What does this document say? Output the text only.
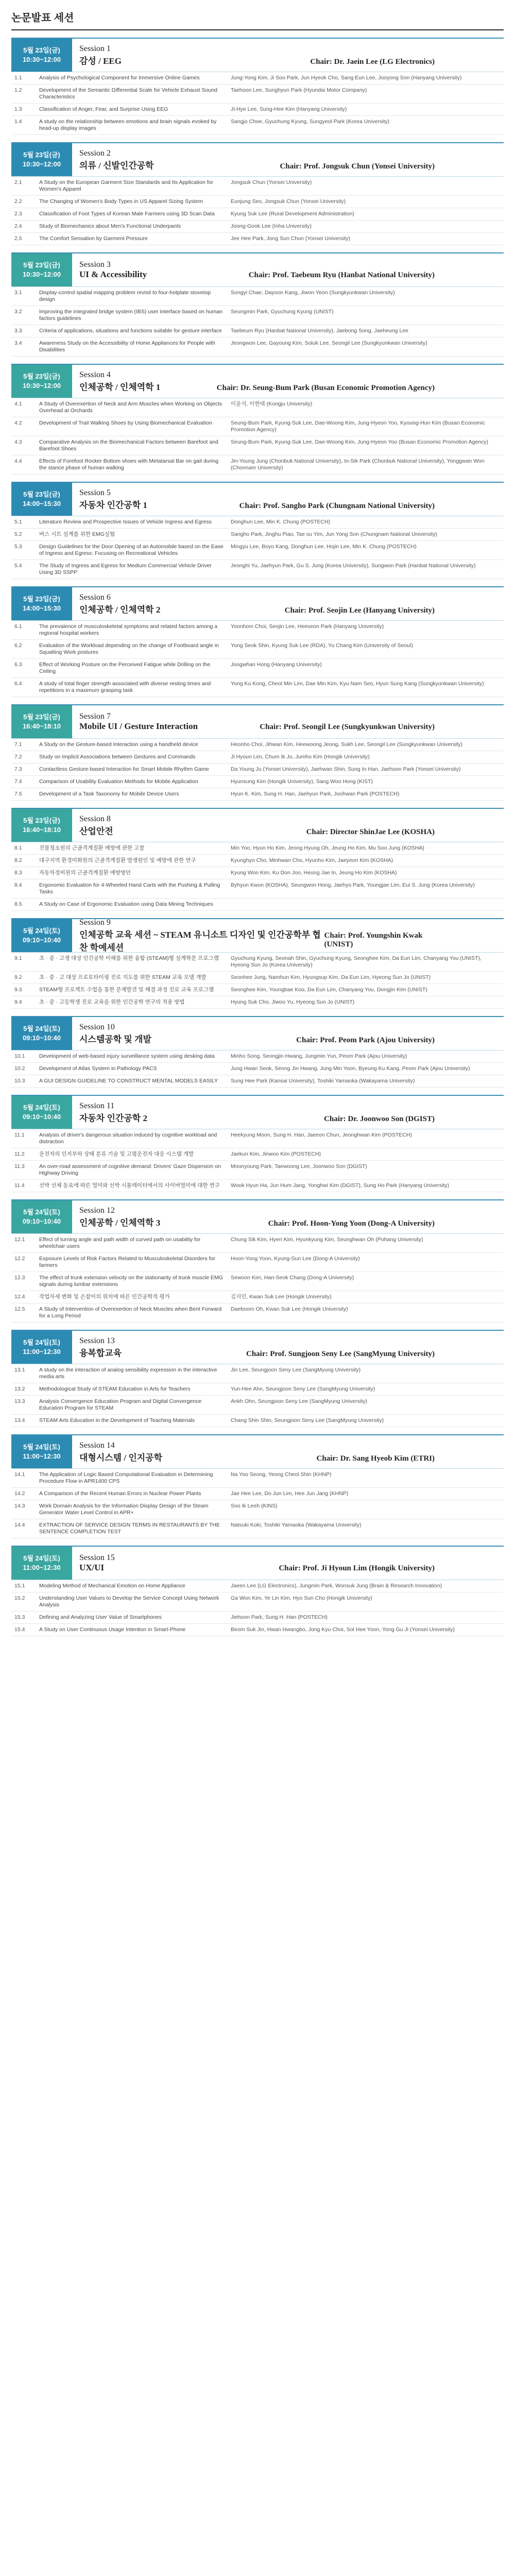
논문발표 세션
5월 23일(금)
10:30~12:00
Session 1
감성 / EEG	Chair: Dr. Jaein Lee (LG Electronics)
1.1	Analysis of Psychological Component for Immersive Online Games	Jung-Yong Kim, Ji Soo Park, Jun Hyeok Cho, Sang Eun Lee, Jooyong Son (Hanyang University)
1.2	Development of the Semantic Differential Scale for Vehicle Exhaust Sound Characteristics	Taehoon Lee, Sunghyun Park (Hyundai Motor Company)
1.3	Classification of Anger, Fear, and Surprise Using EEG	Ji-Hye Lee, Sung-Hee Kim (Hanyang University)
1.4	A study on the relationship between emotions and brain signals evoked by head-up display images	Sangjo Choe, Gyuchung Kyung, Sungyeol Park (Korea University)
5월 23일(금)
10:30~12:00
Session 2
의류 / 신발인간공학	Chair: Prof. Jongsuk Chun (Yonsei University)
2.1	A Study on the European Garment Size Standards and Its Application for Women's Apparel	Jongsuk Chun (Yonsei University)
2.2	The Changing of Women's Body Types in US Apparel Sizing System	Eunjung Seo, Jongsuk Chun (Yonsei University)
2.3	Classification of Foot Types of Korean Male Farmers using 3D Scan Data	Kyung Suk Lee (Rural Development Administration)
2.4	Study of Biomechanics about Men's Functional Underpants	Joong-Gook Lee (Inha University)
2.5	The Comfort Sensation by Garment Pressure	Jee Hee Park, Jong Sun Chun (Yonsei University)
5월 23일(금)
10:30~12:00
Session 3
UI & Accessibility	Chair: Prof. Taebeum Ryu (Hanbat National University)
3.1	Display-control spatial mapping problem revisit to four-hotplate stovetop design	Songyi Chae, Dayoon Kang, Jiwon Yeon (Sungkyunkwan University)
3.2	Improving the integrated bridge system (IBS) user interface based on human factors guidelines	Seungmin Park, Gyuchung Kyung (UNIST)
3.3	Criteria of applications, situations and functions suitable for gesture interface	Taebeum Ryu (Hanbat National University), Jaebong Song, Jaeheung Lee
3.4	Awareness Study on the Accessibility of Home Appliances for People with Disabilities	Jeongwon Lee, Gayoung Kim, Soluk Lee, Seongil Lee (Sungkyunkwan University)
5월 23일(금)
10:30~12:00
Session 4
인체공학 / 인체역학 1	Chair: Dr. Seung-Bum Park (Busan Economic Promotion Agency)
4.1	A Study of Overexertion of Neck and Arm Muscles when Working on Objects Overhead at Orchards	이윤석, 이현태 (Kongju University)
4.2	Development of Trail Walking Shoes by Using Biomechanical Evaluation	Seung-Bum Park, Kyung-Suk Lee, Dae-Woong Kim, Jung-Hyeon Yoo, Kyoung-Hun Kim (Busan Economic Promotion Agency)
4.3	Comparative Analysis on the Biomechanical Factors between Barefoot and Barefoot Shoes	Seung-Bum Park, Kyung-Suk Lee, Dae-Woong Kim, Jung-Hyeon Yoo (Busan Economic Promotion Agency)
4.4	Effects of Forefoot Rocker Bottom shoes with Metatarsal Bar on gait during the stance phase of human walking	Jin-Young Jung (Chonbuk National University), In-Sik Park (Chonbuk National University), Yonggwan Won (Chonnam University)
5월 23일(금)
14:00~15:30
Session 5
자동차 인간공학 1	Chair: Prof. Sangho Park (Chungnam National University)
5.1	Literature Review and Prospective Issues of Vehicle Ingress and Egress	Donghun Lee, Min K. Chung (POSTECH)
5.2	버스 시트 설계를 위한 EMG실험	Sangho Park, Jinghu Piao, Tae su Yim, Jun Yong Son (Chungnam National University)
5.3	Design Guidelines for the Door Opening of an Automobile based on the Ease of Ingress and Egress: Focusing on Recreational Vehicles	Mingyu Lee, Boyo Kang, Donghun Lee, Hojin Lee, Min K. Chung (POSTECH)
5.4	The Study of Ingress and Egress for Medium Commercial Vehicle Driver Using 3D SSPP	Jeonghi Yu, Jaehyun Park, Gu S. Jung (Korea University), Sungwon Park (Hanbat National University)
5월 23일(금)
14:00~15:30
Session 6
인체공학 / 인체역학 2	Chair: Prof. Seojin Lee (Hanyang University)
6.1	The prevalence of musculoskeletal symptoms and related factors among a regional hospital workers	Yoonhom Choi, Seojin Lee, Heeseon Park (Hanyang University)
6.2	Evaluation of the Workload depending on the change of Footboard angle in Squatting Work postures	Yong Seok Shin, Kyung Suk Lee (RDA), Yu Chang Kim (University of Seoul)
6.3	Effect of Working Posture on the Perceived Fatigue while Drilling on the Ceiling	Jongwhan Hong (Hanyang University)
6.4	A study of total finger strength associated with diverse resting times and repetitions in a maximum grasping task	Yong Ku Kong, Cheol Min Lim, Dae Min Kim, Kyu Nam Seo, Hyun Sung Kang (Sungkyunkwan University)
5월 23일(금)
16:40~18:10
Session 7
Mobile UI / Gesture Interaction	Chair: Prof. Seongil Lee (Sungkyunkwan University)
7.1	A Study on the Gesture-based Interaction using a handheld device	Heonho Choi, Jihwan Kim, Heewoong Jeong, Sukh Lee, Seongil Lee (Sungkyunkwan University)
7.2	Study on Implicit Associations between Gestures and Commands	Ji Hyoun Lim, Chum Ik Jo, Jumho Kim (Hongik University)
7.3	Contactless Gesture-based Interaction for Smart Mobile Rhythm Game	Da Young Ju (Yonsei University), Jaehwan Shin, Sung In Han, Jaehoon Park (Yonsei University)
7.4	Comparison of Usability Evaluation Methods for Mobile Application	Hyunsung Kim (Hongik University), Sang Woo Hong (KIST)
7.5	Development of a Task Taxonomy for Mobile Device Users	Hyun K. Kim, Sung H. Han, Jaehyun Park, Joohwan Park (POSTECH)
5월 23일(금)
16:40~18:10
Session 8
산업안전	Chair: Director ShinJae Lee (KOSHA)
8.1	건물청소원의 근골격계질환 예방에 관한 고찰	Min Yoo, Hyun Ho Kim, Jeong Hyung Oh, Jeung Ho Kim, Mu Soo Jung (KOSHA)
8.2	대구지역 환경미화원의 근골격계질환 발생원인 및 예방에 관한 연구	Kyunghyo Cho, Minhwan Cho, Hyunho Kim, Jaeyeon Kim (KOSHA)
8.3	자동차정비원의 근골격계질환 예방방안	Kyung Won Kim, Ku Don Joo, Heung Jae In, Jeung Ho Kim (KOSHA)
8.4	Ergonomic Evaluation for 4-Wheeled Hand Carts with the Pushing & Pulling Tasks	Byhyun Kwon (KOSHA), Seungwon Hong, Jaehyo Park, Youngjae Lim, Eui S. Jung (Korea University)
8.5	A Study on Case of Ergonomic Evaluation using Data Mining Techniques	
5월 24일(토)
09:10~10:40
Session 9
인체공학 교육 세션 ~ STEAM 유니소트 디자인 및 인간공학부 협찬 학예세션
Chair: Prof. Youngshin Kwak (UNIST)
9.1	초 · 중 · 고생 대상 인간공학 이해를 위한 융합 (STEAM)형 설계학문 프로그램	Gyuchung Kyung, Seonah Shin, Gyuchung Kyung, Seonghee Kim, Da Eun Lim, Chanyang You (UNIST), Hyeong Sun Jo (Korea University)
9.2	초 · 중 · 고 대상 프로토타이핑 진로 지도를 위한 STEAM 교육 모델 개발	Seonhee Jung, Namhun Kim, Hyungsup Kim, Da Eun Lim, Hyeong Sun Jo (UNIST)
9.3	STEAM형 프로젝트 수업을 통한 문제발견 및 해결 과정 진로 교육 프로그램	Seonghee Kim, Youngbae Koo, Da Eun Lim, Chanyang You, Dongjin Kim (UNIST)
9.4	초 · 중 · 고등학생 진로 교육을 위한 인간공학 연구의 적용 방법	Hyung Suk Cho, Jiwoo Yu, Hyeong Sun Jo (UNIST)
5월 24일(토)
09:10~10:40
Session 10
시스템공학 및 개발	Chair: Prof. Peom Park (Ajou University)
10.1	Development of web-based injury surveillance system using desking data	Minho Song, Seongjin Hwang, Jungmin Yun, Peom Park (Ajou University)
10.2	Development of Atlas System in Pathology PACS	Jung Hwan Seok, Seong Jin Hwang, Jung Min Yoon, Byeung Ku Kang, Peom Park (Ajou University)
10.3	A GUI DESIGN GUIDELINE TO CONSTRUCT MENTAL MODELS EASILY	Sung Hee Park (Kansai University), Toshiki Yamaoka (Wakayama University)
5월 24일(토)
09:10~10:40
Session 11
자동차 인간공학 2	Chair: Dr. Joonwoo Son (DGIST)
11.1	Analysis of driver's dangerous situation induced by cognitive workload and distraction	Heekyung Moon, Sung H. Han, Jaeeon Chun, Jeonghwan Kim (POSTECH)
11.2	운전자의 인지부하 상태 분류 기술 및 고령운전자 대응 시스템 개발	Jaekun Kim, Jinwoo Kim (POSTECH)
11.3	An over-road assessment of cognitive demand: Drivers' Gaze Dispersion on Highway Driving	Moonyoung Park, Taewoong Lee, Joonwoo Son (DGIST)
11.4	선박 선체 동요에 따른 멀미와 선박 시뮬레이터에서의 사이버멀미에 대한 연구	Wook Hyun Ha, Jun Hum Jang, Yonghwi Kim (DGIST), Sung Ho Park (Hanyang University)
5월 24일(토)
09:10~10:40
Session 12
인체공학 / 인체역학 3	Chair: Prof. Hoon-Yong Yoon (Dong-A University)
12.1	Effect of turning angle and path width of curved path on usability for wheelchair users	Chung Sik Kim, Hyeri Kim, Hyunkyung Kim, Seunghwan Oh (Pohang University)
12.2	Exposure Levels of Risk Factors Related to Musculoskeletal Disorders for farmers	Hoon-Yong Yoon, Kyung-Sun Lee (Dong-A University)
12.3	The effect of trunk extension velocity on the stationarity of trunk muscle EMG signals during lumbar extensions	Sewoon Kim, Han-Seok Chang (Dong-A University)
12.4	작업자세 변화 및 손잡이의 위치에 따른 인간공학적 평가	김지민, Kwan Suk Lee (Hongik University)
12.5	A Study of Intervention of Overexertion of Neck Muscles when Bent Forward for a Long Period	Daeboom Oh, Kwan Suk Lee (Hongik University)
5월 24일(토)
11:00~12:30
Session 13
융복합교육	Chair: Prof. Sungjoon Seny Lee (SangMyung University)
13.1	A study on the interaction of analog sensibility expression in the interactive media arts	Jin Lee, Seungjoon Seny Lee (SangMyung University)
13.2	Methodological Study of STEAM Education in Arts for Teachers	Yun-Hee Ahn, Seungjoon Seny Lee (SangMyung University)
13.3	Analysis Convergence Education Program and Digital Convergence Education Program for STEAM	Ankh Ohn, Seungjoon Seny Lee (SangMyung University)
13.4	STEAM Arts Education in the Development of Teaching Materials	Chang Shin Shin, Seungjoon Seny Lee (SangMyung University)
5월 24일(토)
11:00~12:30
Session 14
대형시스템 / 인지공학	Chair: Dr. Sang Hyeob Kim (ETRI)
14.1	The Application of Logic Based Computational Evaluation in Determining Procedure Flow in APR1400 CPS	Na Yoo Seong, Yeong Cheol Shin (KHNP)
14.2	A Comparison of the Recent Human Errors in Nuclear Power Plants	Jae Hee Lee, Do Jun Lim, Hee Jun Jang (KHNP)
14.3	Work Domain Analysis for the Information Display Design of the Steam Generator Water Level Control in APR+	Soo Ik Leeh (KINS)
14.4	EXTRACTION OF SERVICE DESIGN TERMS IN RESTAURANTS BY THE SENTENCE COMPLETION TEST	Natsuki Koki, Toshiki Yamaoka (Wakayama University)
5월 24일(토)
11:00~12:30
Session 15
UX/UI	Chair: Prof. Ji Hyoun Lim (Hongik University)
15.1	Modeling Method of Mechanical Emotion on Home Appliance	Jaeen Lee (LG Electronics), Jungmin Park, Wonsuk Jung (Brain & Research Innovation)
15.2	Understanding User Values to Develop the Service Concept Using Network Analysis	Ga Won Kim, Ye Lin Kim, Hyo Sun Cho (Hongik University)
15.3	Defining and Analyzing User Value of Smartphones	Jiehoon Park, Sung H. Han (POSTECH)
15.4	A Study on User Continuous Usage Intention in Smart-Phone	Beom Suk Jin, Hwan Hwangbo, Jong Kyu Choi, Sol Hee Yoon, Yong Gu Ji (Yonsei University)
